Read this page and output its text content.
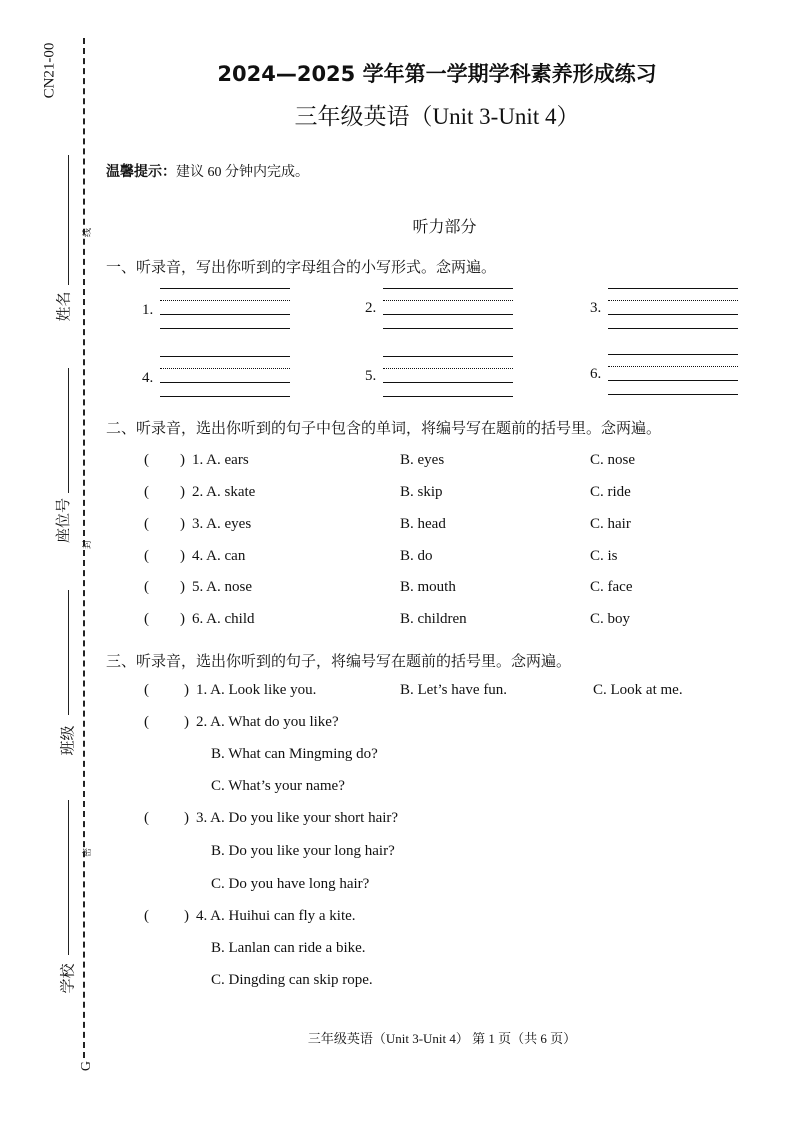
CN21-00
姓名
座位号
班级
学校
线
封
密
G
2024—2025 学年第一学期学科素养形成练习
三年级英语（Unit 3-Unit 4）
温馨提示：建议 60 分钟内完成。
听力部分
一、听录音，写出你听到的字母组合的小写形式。念两遍。
1.	2.	3.
4.	5.	6.
二、听录音，选出你听到的句子中包含的单词，将编号写在题前的括号里。念两遍。
( ) 1. A. ears	B. eyes	C. nose
( ) 2. A. skate	B. skip	C. ride
( ) 3. A. eyes	B. head	C. hair
( ) 4. A. can	B. do	C. is
( ) 5. A. nose	B. mouth	C. face
( ) 6. A. child	B. children	C. boy
三、听录音，选出你听到的句子，将编号写在题前的括号里。念两遍。
( ) 1. A. Look like you.	B. Let’s have fun.	C. Look at me.
( ) 2. A. What do you like?
B. What can Mingming do?
C. What’s your name?
( ) 3. A. Do you like your short hair?
B. Do you like your long hair?
C. Do you have long hair?
( ) 4. A. Huihui can fly a kite.
B. Lanlan can ride a bike.
C. Dingding can skip rope.
三年级英语（Unit 3-Unit 4） 第 1 页（共 6 页）
